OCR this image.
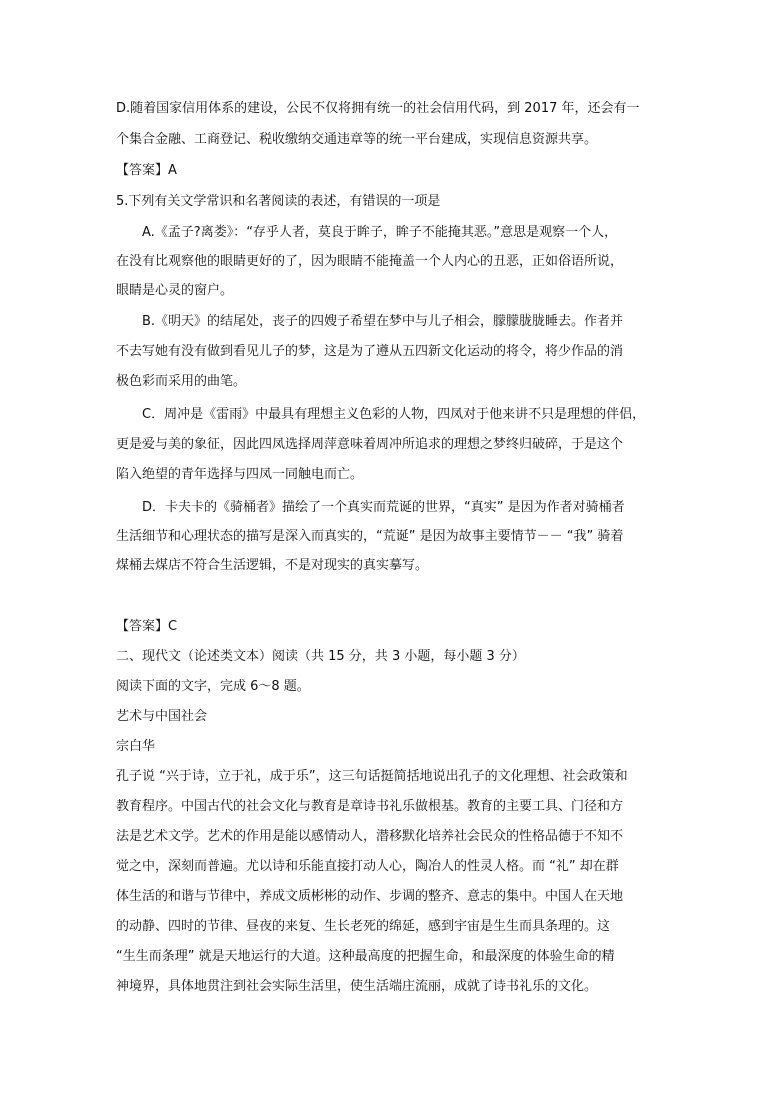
D.随着国家信用体系的建设，公民不仅将拥有统一的社会信用代码，到 2017 年，还会有一
个集合金融、工商登记、税收缴纳交通违章等的统一平台建成，实现信息资源共享。
【答案】A
5.下列有关文学常识和名著阅读的表述，有错误的一项是
A.《孟子?离娄》：“存乎人者，莫良于眸子，眸子不能掩其恶。”意思是观察一个人，
在没有比观察他的眼睛更好的了，因为眼睛不能掩盖一个人内心的丑恶，正如俗语所说，
眼睛是心灵的窗户。
B.《明天》的结尾处，丧子的四嫂子希望在梦中与儿子相会，朦朦胧胧睡去。作者并
不去写她有没有做到看见儿子的梦，这是为了遵从五四新文化运动的将令，将少作品的消
极色彩而采用的曲笔。
C．周冲是《雷雨》中最具有理想主义色彩的人物，四凤对于他来讲不只是理想的伴侣，
更是爱与美的象征，因此四凤选择周萍意味着周冲所追求的理想之梦终归破碎，于是这个
陷入绝望的青年选择与四凤一同触电而亡。
D．卡夫卡的《骑桶者》描绘了一个真实而荒诞的世界，“真实” 是因为作者对骑桶者
生活细节和心理状态的描写是深入而真实的，“荒诞” 是因为故事主要情节－－ “我” 骑着
煤桶去煤店不符合生活逻辑，不是对现实的真实摹写。
【答案】C
二、现代文（论述类文本）阅读（共 15 分，共 3 小题，每小题 3 分）
阅读下面的文字，完成 6～8 题。
艺术与中国社会
宗白华
孔子说 “兴于诗，立于礼，成于乐”，这三句话挺简括地说出孔子的文化理想、社会政策和
教育程序。中国古代的社会文化与教育是章诗书礼乐做根基。教育的主要工具、门径和方
法是艺术文学。艺术的作用是能以感情动人，潜移默化培养社会民众的性格品德于不知不
觉之中，深刻而普遍。尤以诗和乐能直接打动人心，陶冶人的性灵人格。而 “礼” 却在群
体生活的和谐与节律中，养成文质彬彬的动作、步调的整齐、意志的集中。中国人在天地
的动静、四时的节律、昼夜的来复、生长老死的绵延，感到宇宙是生生而具条理的。这
“生生而条理” 就是天地运行的大道。这种最高度的把握生命，和最深度的体验生命的精
神境界，具体地贯注到社会实际生活里，使生活端庄流丽，成就了诗书礼乐的文化。
